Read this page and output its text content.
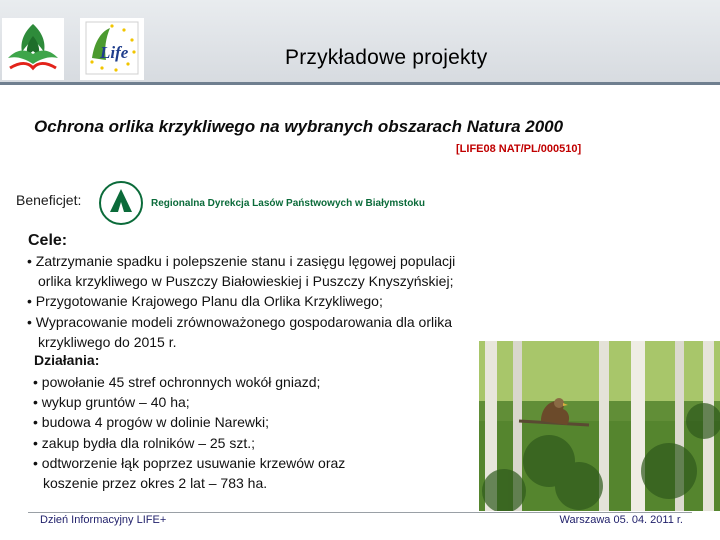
Life	Przykładowe projekty
Ochrona orlika krzykliwego na wybranych obszarach Natura 2000
[LIFE08 NAT/PL/000510]
Beneficjet:	Regionalna Dyrekcja Lasów Państwowych w Białymstoku
Cele:
• Zatrzymanie spadku i polepszenie stanu i zasięgu lęgowej populacji
orlika krzykliwego w Puszczy Białowieskiej i Puszczy Knyszyńskiej;
• Przygotowanie Krajowego Planu dla Orlika Krzykliwego;
• Wypracowanie modeli zrównoważonego gospodarowania dla orlika
krzykliwego do 2015 r.
Działania:
• powołanie 45 stref ochronnych wokół gniazd;
• wykup gruntów – 40 ha;
• budowa 4 progów w dolinie Narewki;
• zakup bydła dla rolników – 25 szt.;
• odtworzenie łąk poprzez usuwanie krzewów oraz
koszenie przez okres 2 lat – 783 ha.
Dzień Informacyjny LIFE+	Warszawa 05. 04. 2011 r.
